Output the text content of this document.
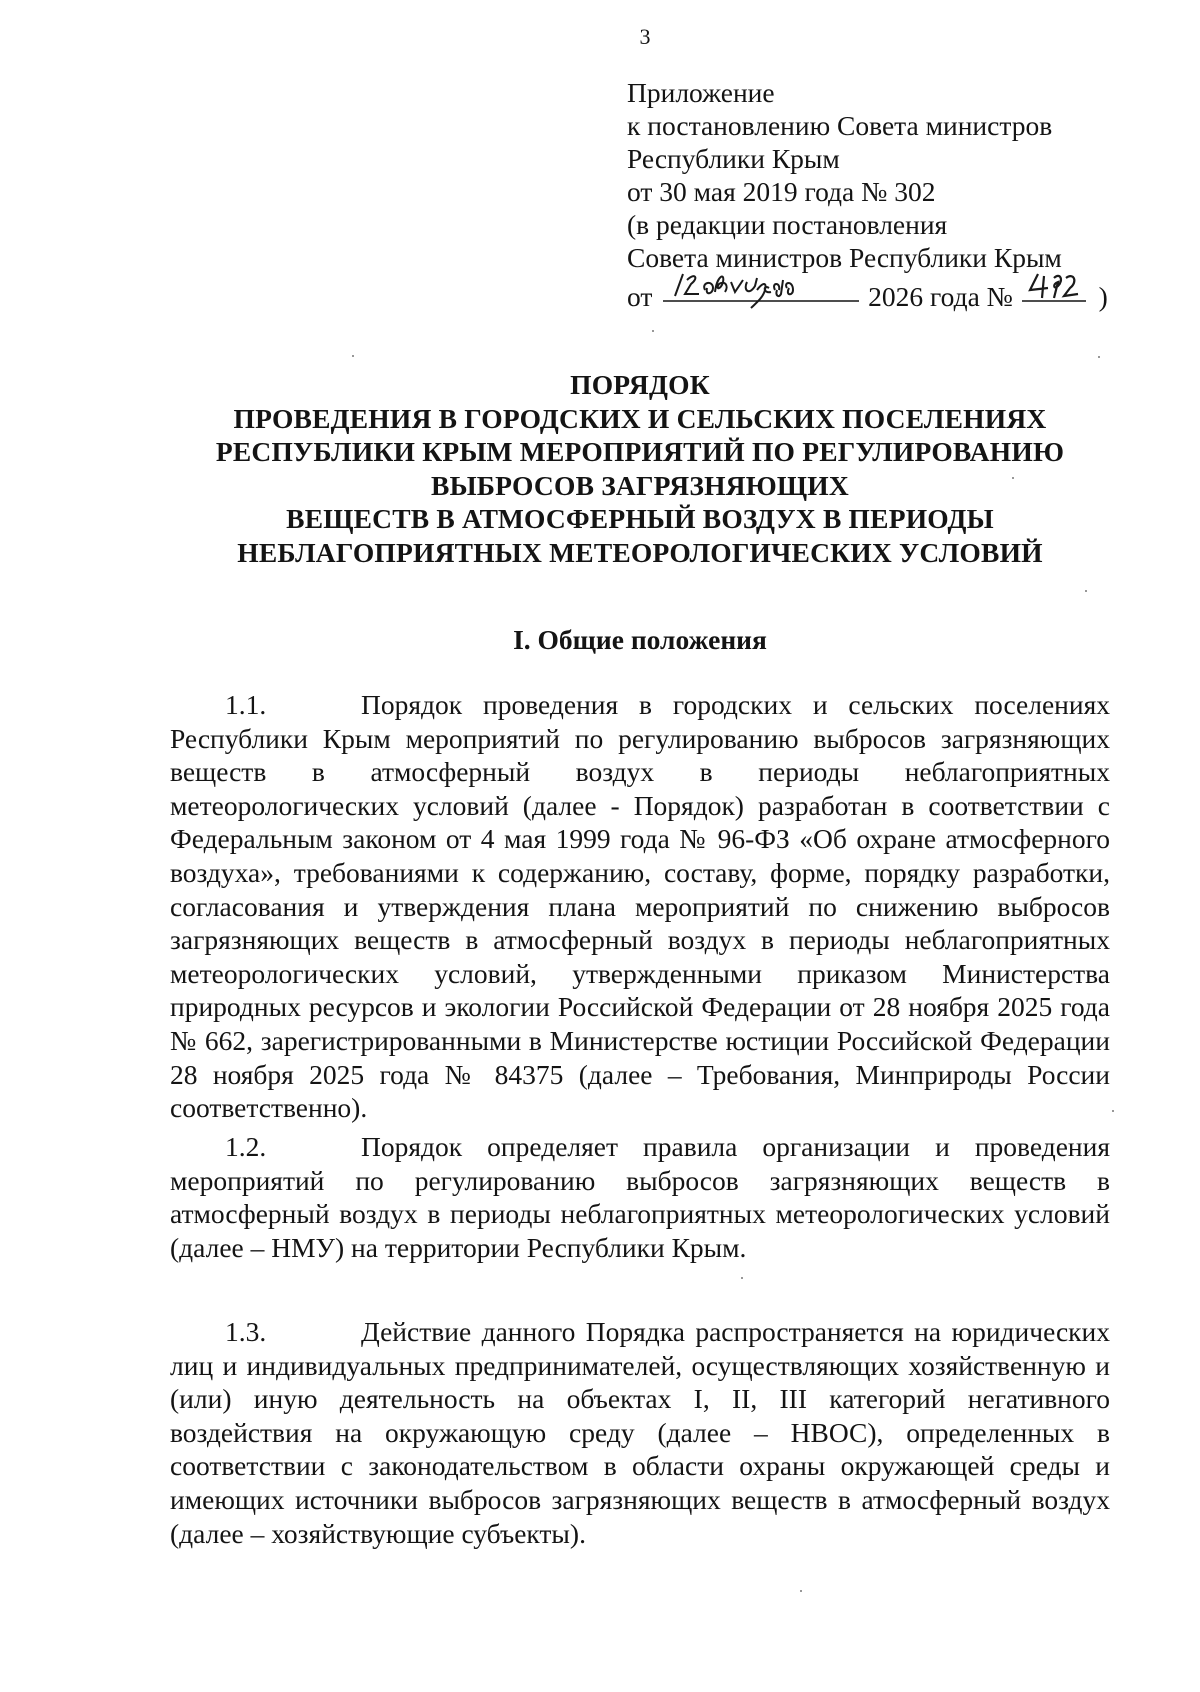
3
Приложение
к постановлению Совета министров
Республики Крым
от 30 мая 2019 года № 302
(в редакции постановления
Совета министров Республики Крым
от	2026 года №	)
ПОРЯДОК
ПРОВЕДЕНИЯ В ГОРОДСКИХ И СЕЛЬСКИХ ПОСЕЛЕНИЯХ
РЕСПУБЛИКИ КРЫМ МЕРОПРИЯТИЙ ПО РЕГУЛИРОВАНИЮ
ВЫБРОСОВ ЗАГРЯЗНЯЮЩИХ
ВЕЩЕСТВ В АТМОСФЕРНЫЙ ВОЗДУХ В ПЕРИОДЫ
НЕБЛАГОПРИЯТНЫХ МЕТЕОРОЛОГИЧЕСКИХ УСЛОВИЙ
I. Общие положения
1.1.	Порядок проведения в городских и сельских поселениях Республики Крым мероприятий по регулированию выбросов загрязняющих веществ в атмосферный воздух в периоды неблагоприятных метеорологических условий (далее - Порядок) разработан в соответствии с Федеральным законом от 4 мая 1999 года № 96-ФЗ «Об охране атмосферного воздуха», требованиями к содержанию, составу, форме, порядку разработки, согласования и утверждения плана мероприятий по снижению выбросов загрязняющих веществ в атмосферный воздух в периоды неблагоприятных метеорологических условий, утвержденными приказом Министерства природных ресурсов и экологии Российской Федерации от 28 ноября 2025 года № 662, зарегистрированными в Министерстве юстиции Российской Федерации 28 ноября 2025 года № 84375 (далее – Требования, Минприроды России соответственно).
1.2.	Порядок определяет правила организации и проведения мероприятий по регулированию выбросов загрязняющих веществ в атмосферный воздух в периоды неблагоприятных метеорологических условий (далее – НМУ) на территории Республики Крым.
1.3.	Действие данного Порядка распространяется на юридических лиц и индивидуальных предпринимателей, осуществляющих хозяйственную и (или) иную деятельность на объектах I, II, III категорий негативного воздействия на окружающую среду (далее – НВОС), определенных в соответствии с законодательством в области охраны окружающей среды и имеющих источники выбросов загрязняющих веществ в атмосферный воздух (далее – хозяйствующие субъекты).
